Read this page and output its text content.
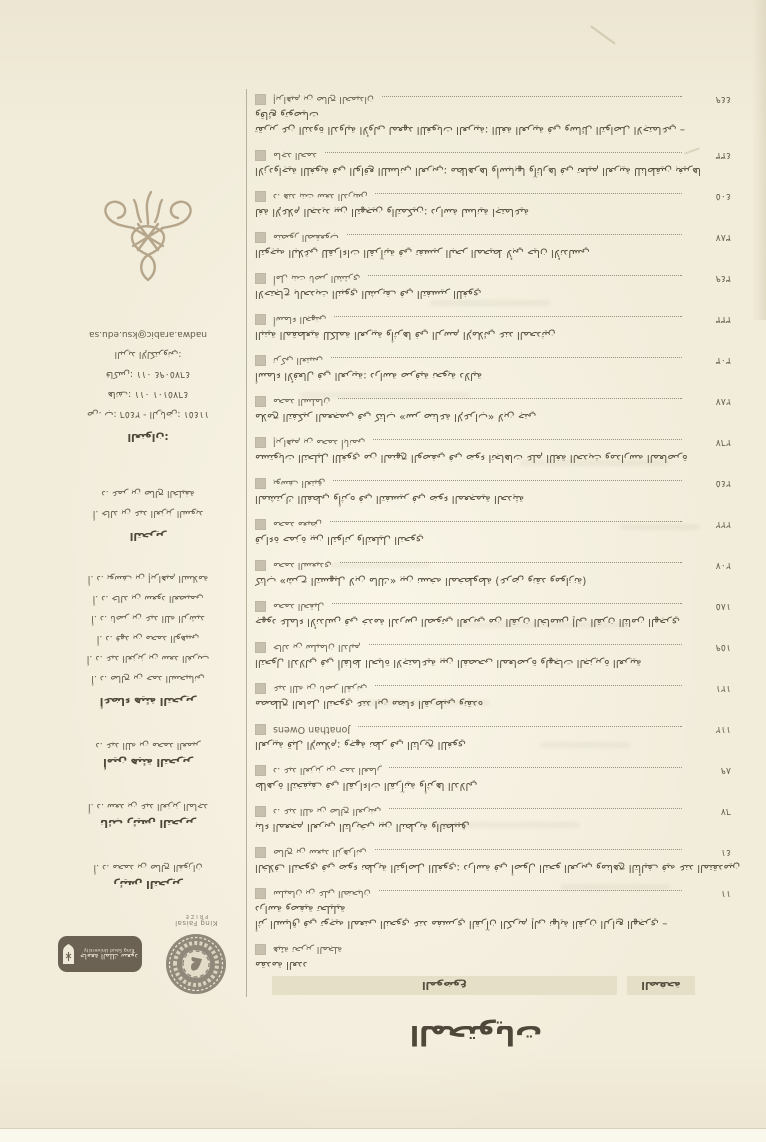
المحتويات
الموضوع	الصفحة
مقدمة العدد
هيئة تحرير المجلة
أثر السياق في توجيه المعنى النحوي عند مفسري القرآن الكريم إلى نهاية القرن الرابع الهجري –
دراسة وصفية تحليلية
سليمان بن علي الضحيان	١١
الخلاف النحوي في ضوء نظرية التواصل اللغوي: دراسة في أصول النحو العربي ومناهج التأليف فيه عند المتقدمين
صالح بن سعيد الزهراني	٤١
بناء المعجم العربي التاريخي بين النظرية والتطبيق
د. عبد الله بن صالح العريني	٦٧
ظاهرة التخفيف في القراءات القرآنية وأثرها الدلالي
د. عبد العزيز بن حمد العمار	٨٩
العربية قبل الإسلام: وجهة نظر في التاريخ اللغوي
Jonathan Owens	١١٢
مصطلح العامل النحوي عند ابن مضاء القرطبي ونقده
عبد الله بن ناصر القرني	١٢١
التحول الدلالي في ألفاظ الحياة الاجتماعية بين الفصحى المعاصرة ولهجات الجزيرة العربية
خالد بن سليمان الدليم	١٥٩
جهود علماء الأندلس في خدمة الدرس الصوتي العربي من القرن الخامس إلى القرن الثامن الهجري
محمد الحقيل	١٨٥
كتاب «شرح التسهيل لابن مالك» بين نسخه المخطوطة (عرض ونقد وموازنة)
محمد السعيدي	٢٠٧
قراءة حمزة بين التواتر والتعليل النحوي
محمد معيض	٢٢٢
المشترك اللفظي وأثره في التفسير في ضوء المعجمية الحديثة
يوسف العتيق	٢٤٥
مستويات التحليل اللغوي من المنهج الوصفي في ضوء اتجاهات علم اللغة الحديث ومدارسه المعاصرة
إبراهيم بن محمد أبانمي	٢٦٧
ملامح التفكير المعجمي في كتاب «سر صناعة الإعراب» لابن جني
محمد السلمان	٢٨٧
أسماء الأفعال في العربية: دراسة صرفية نحوية دلالية
تركي العتيبي	٣٠٣
البنية المقطعية للكلمة العربية وأثرها في الرسم الإملائي عند المحدثين
أسماء الجهني	٣٣٣
الاحتجاج بالحديث النبوي الشريف في التفسير اللغوي
أمل بنت ناصر الشثري	٣٤٩
التوجيه البلاغي للقراءات القرآنية في تفسير البحر المحيط لأبي حيان الأندلسي
منصور الصقعوب	٣٨٧
لغة الإعلام الجديد بين التهجين والتمكين: دراسة لسانية اجتماعية
د. هند بنت سعد الدريس	٤٠٥
الازدواجية اللغوية في الواقع اللساني العربي: مظاهرها وأسبابها وآثارها في تعليم العربية للناطقين بغيرها
ماجد الحمد	٤٣٣
تقرير عن الندوة الدولية الأولى لمعهد اللغويات العربية: اللغة العربية في وسائل التواصل الاجتماعي –
وقائع وتوصيات
إبراهيم بن صالح الحميدان	٤٤٩
King Faisal
PRIZE
جامعة الملك سعود
King Saud University
رئيس التحرير
أ. د. محمد بن صالح الفوزان
نائب رئيس التحرير
أ. د. سعد بن عبد العزيز الماجد
أمين هيئة التحرير
د. عبد الله بن محمد العمير
أعضاء هيئة التحرير
أ. د. صالح بن حمد السحيباني
أ. د. عبد العزيز بن سعد الغريب
أ. د. فهد بن محمد الوهيبي
أ. د. ناصر بن عبد الله الرشيد
أ. د. خالد بن سعود العصيمي
أ. د. يوسف بن إبراهيم السلامة
التحرير
أ. خالد بن عبد العزيز السويد
د. عمر بن صالح الخليفة
العنوان:
ص. ب: ٢٤٥٦ - الرياض: ١١٤٥١
هاتف: ٠١١ ٤٦٧٥١٠١
فاكس: ٠١١ ٤٦٧٥٠٩٤
البريد الإلكتروني:
nadwa.arabic@ksu.edu.sa
